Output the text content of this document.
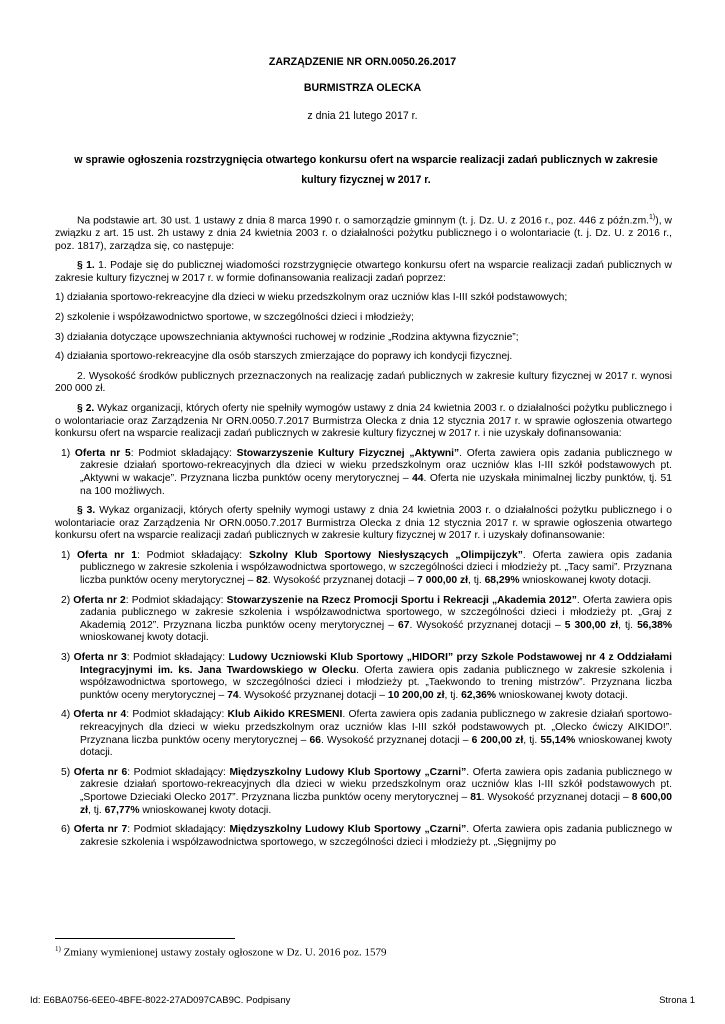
ZARZĄDZENIE NR ORN.0050.26.2017
BURMISTRZA OLECKA
z dnia 21 lutego 2017 r.
w sprawie ogłoszenia rozstrzygnięcia otwartego konkursu ofert na wsparcie realizacji zadań publicznych w zakresie kultury fizycznej w 2017 r.

Na podstawie art. 30 ust. 1 ustawy z dnia 8 marca 1990 r. o samorządzie gminnym (t. j. Dz. U. z 2016 r., poz. 446 z późn.zm.$^{1)}$), w związku z art. 15 ust. 2h ustawy z dnia 24 kwietnia 2003 r. o działalności pożytku publicznego i o wolontariacie (t. j. Dz. U. z 2016 r., poz. 1817), zarządza się, co następuje:

§ 1. 1. Podaje się do publicznej wiadomości rozstrzygnięcie otwartego konkursu ofert na wsparcie realizacji zadań publicznych w zakresie kultury fizycznej w 2017 r. w formie dofinansowania realizacji zadań poprzez:

1) działania sportowo-rekreacyjne dla dzieci w wieku przedszkolnym oraz uczniów klas I-III szkół podstawowych;

2) szkolenie i współzawodnictwo sportowe, w szczególności dzieci i młodzieży;

3) działania dotyczące upowszechniania aktywności ruchowej w rodzinie „Rodzina aktywna fizycznie”;

4) działania sportowo-rekreacyjne dla osób starszych zmierzające do poprawy ich kondycji fizycznej.

2. Wysokość środków publicznych przeznaczonych na realizację zadań publicznych w zakresie kultury fizycznej w 2017 r. wynosi 200 000 zł.

§ 2. Wykaz organizacji, których oferty nie spełniły wymogów ustawy z dnia 24 kwietnia 2003 r. o działalności pożytku publicznego i o wolontariacie oraz Zarządzenia Nr ORN.0050.7.2017 Burmistrza Olecka z dnia 12 stycznia 2017 r. w sprawie ogłoszenia otwartego konkursu ofert na wsparcie realizacji zadań publicznych w zakresie kultury fizycznej w 2017 r. i nie uzyskały dofinansowania:

1) Oferta nr 5: Podmiot składający: Stowarzyszenie Kultury Fizycznej „Aktywni”. Oferta zawiera opis zadania publicznego w zakresie działań sportowo-rekreacyjnych dla dzieci w wieku przedszkolnym oraz uczniów klas I-III szkół podstawowych pt. „Aktywni w wakacje”. Przyznana liczba punktów oceny merytorycznej – 44. Oferta nie uzyskała minimalnej liczby punktów, tj. 51 na 100 możliwych.

§ 3. Wykaz organizacji, których oferty spełniły wymogi ustawy z dnia 24 kwietnia 2003 r. o działalności pożytku publicznego i o wolontariacie oraz Zarządzenia Nr ORN.0050.7.2017 Burmistrza Olecka z dnia 12 stycznia 2017 r. w sprawie ogłoszenia otwartego konkursu ofert na wsparcie realizacji zadań publicznych w zakresie kultury fizycznej w 2017 r. i uzyskały dofinansowanie:

1) Oferta nr 1: Podmiot składający: Szkolny Klub Sportowy Niesłyszących „Olimpijczyk”. Oferta zawiera opis zadania publicznego w zakresie szkolenia i współzawodnictwa sportowego, w szczególności dzieci i młodzieży pt. „Tacy sami”. Przyznana liczba punktów oceny merytorycznej – 82. Wysokość przyznanej dotacji – 7 000,00 zł, tj. 68,29% wnioskowanej kwoty dotacji.

2) Oferta nr 2: Podmiot składający: Stowarzyszenie na Rzecz Promocji Sportu i Rekreacji „Akademia 2012”. Oferta zawiera opis zadania publicznego w zakresie szkolenia i współzawodnictwa sportowego, w szczególności dzieci i młodzieży pt. „Graj z Akademią 2012”. Przyznana liczba punktów oceny merytorycznej – 67. Wysokość przyznanej dotacji – 5 300,00 zł, tj. 56,38% wnioskowanej kwoty dotacji.

3) Oferta nr 3: Podmiot składający: Ludowy Uczniowski Klub Sportowy „HIDORI” przy Szkole Podstawowej nr 4 z Oddziałami Integracyjnymi im. ks. Jana Twardowskiego w Olecku. Oferta zawiera opis zadania publicznego w zakresie szkolenia i współzawodnictwa sportowego, w szczególności dzieci i młodzieży pt. „Taekwondo to trening mistrzów”. Przyznana liczba punktów oceny merytorycznej – 74. Wysokość przyznanej dotacji – 10 200,00 zł, tj. 62,36% wnioskowanej kwoty dotacji.

4) Oferta nr 4: Podmiot składający: Klub Aikido KRESMENI. Oferta zawiera opis zadania publicznego w zakresie działań sportowo-rekreacyjnych dla dzieci w wieku przedszkolnym oraz uczniów klas I-III szkół podstawowych pt. „Olecko ćwiczy AIKIDO!”. Przyznana liczba punktów oceny merytorycznej – 66. Wysokość przyznanej dotacji – 6 200,00 zł, tj. 55,14% wnioskowanej kwoty dotacji.

5) Oferta nr 6: Podmiot składający: Międzyszkolny Ludowy Klub Sportowy „Czarni”. Oferta zawiera opis zadania publicznego w zakresie działań sportowo-rekreacyjnych dla dzieci w wieku przedszkolnym oraz uczniów klas I-III szkół podstawowych pt. „Sportowe Dzieciaki Olecko 2017”. Przyznana liczba punktów oceny merytorycznej – 81. Wysokość przyznanej dotacji – 8 600,00 zł, tj. 67,77% wnioskowanej kwoty dotacji.

6) Oferta nr 7: Podmiot składający: Międzyszkolny Ludowy Klub Sportowy „Czarni”. Oferta zawiera opis zadania publicznego w zakresie szkolenia i współzawodnictwa sportowego, w szczególności dzieci i młodzieży pt. „Sięgnijmy po

$^{1)}$ Zmiany wymienionej ustawy zostały ogłoszone w Dz. U. 2016 poz. 1579
Id: E6BA0756-6EE0-4BFE-8022-27AD097CAB9C. Podpisany	Strona 1
